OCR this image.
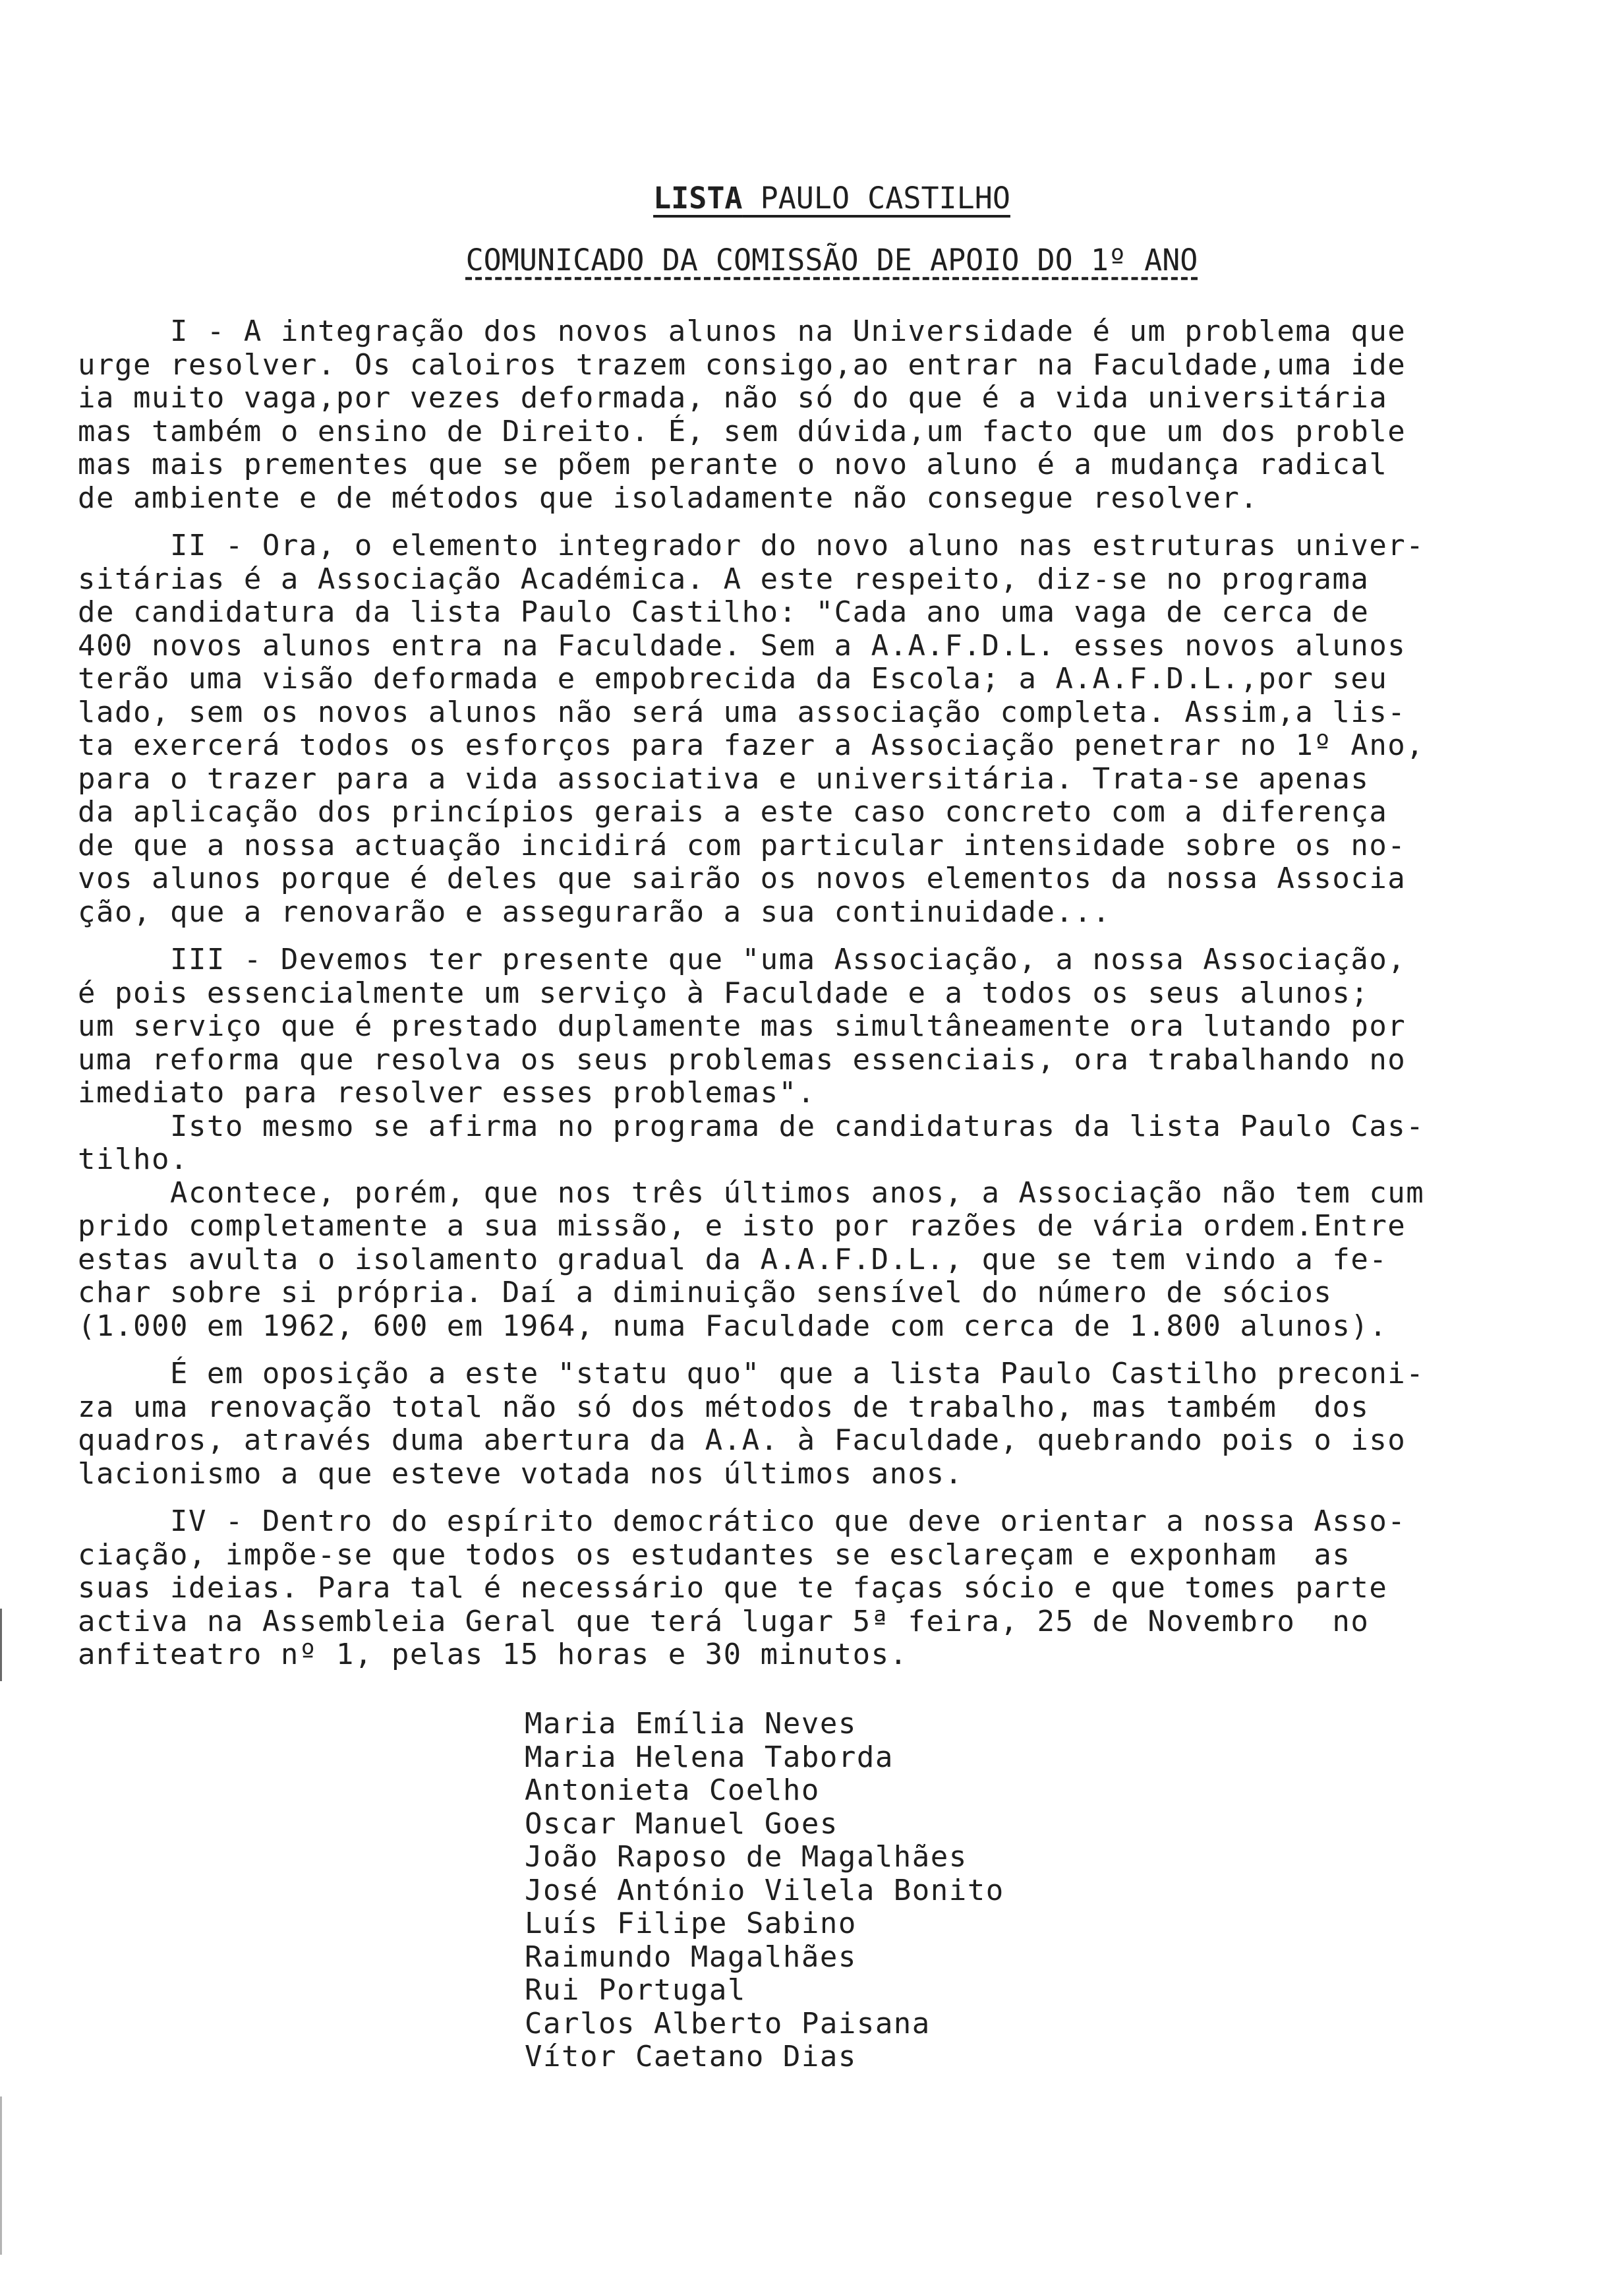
LISTA PAULO CASTILHO
COMUNICADO DA COMISSÃO DE APOIO DO 1º ANO
I - A integração dos novos alunos na Universidade é um problema que
urge resolver. Os caloiros trazem consigo,ao entrar na Faculdade,uma ide
ia muito vaga,por vezes deformada, não só do que é a vida universitária
mas também o ensino de Direito. É, sem dúvida,um facto que um dos proble
mas mais prementes que se põem perante o novo aluno é a mudança radical
de ambiente e de métodos que isoladamente não consegue resolver.
II - Ora, o elemento integrador do novo aluno nas estruturas univer-
sitárias é a Associação Académica. A este respeito, diz-se no programa
de candidatura da lista Paulo Castilho: "Cada ano uma vaga de cerca de
400 novos alunos entra na Faculdade. Sem a A.A.F.D.L. esses novos alunos
terão uma visão deformada e empobrecida da Escola; a A.A.F.D.L.,por seu
lado, sem os novos alunos não será uma associação completa. Assim,a lis-
ta exercerá todos os esforços para fazer a Associação penetrar no 1º Ano,
para o trazer para a vida associativa e universitária. Trata-se apenas
da aplicação dos princípios gerais a este caso concreto com a diferença
de que a nossa actuação incidirá com particular intensidade sobre os no-
vos alunos porque é deles que sairão os novos elementos da nossa Associa
ção, que a renovarão e assegurarão a sua continuidade...
III - Devemos ter presente que "uma Associação, a nossa Associação,
é pois essencialmente um serviço à Faculdade e a todos os seus alunos;
um serviço que é prestado duplamente mas simultâneamente ora lutando por
uma reforma que resolva os seus problemas essenciais, ora trabalhando no
imediato para resolver esses problemas".
Isto mesmo se afirma no programa de candidaturas da lista Paulo Cas-
tilho.
Acontece, porém, que nos três últimos anos, a Associação não tem cum
prido completamente a sua missão, e isto por razões de vária ordem.Entre
estas avulta o isolamento gradual da A.A.F.D.L., que se tem vindo a fe-
char sobre si própria. Daí a diminuição sensível do número de sócios
(1.000 em 1962, 600 em 1964, numa Faculdade com cerca de 1.800 alunos).
É em oposição a este "statu quo" que a lista Paulo Castilho preconi-
za uma renovação total não só dos métodos de trabalho, mas também  dos
quadros, através duma abertura da A.A. à Faculdade, quebrando pois o iso
lacionismo a que esteve votada nos últimos anos.
IV - Dentro do espírito democrático que deve orientar a nossa Asso-
ciação, impõe-se que todos os estudantes se esclareçam e exponham  as
suas ideias. Para tal é necessário que te faças sócio e que tomes parte
activa na Assembleia Geral que terá lugar 5ª feira, 25 de Novembro  no
anfiteatro nº 1, pelas 15 horas e 30 minutos.
Maria Emília Neves
Maria Helena Taborda
Antonieta Coelho
Oscar Manuel Goes
João Raposo de Magalhães
José António Vilela Bonito
Luís Filipe Sabino
Raimundo Magalhães
Rui Portugal
Carlos Alberto Paisana
Vítor Caetano Dias
